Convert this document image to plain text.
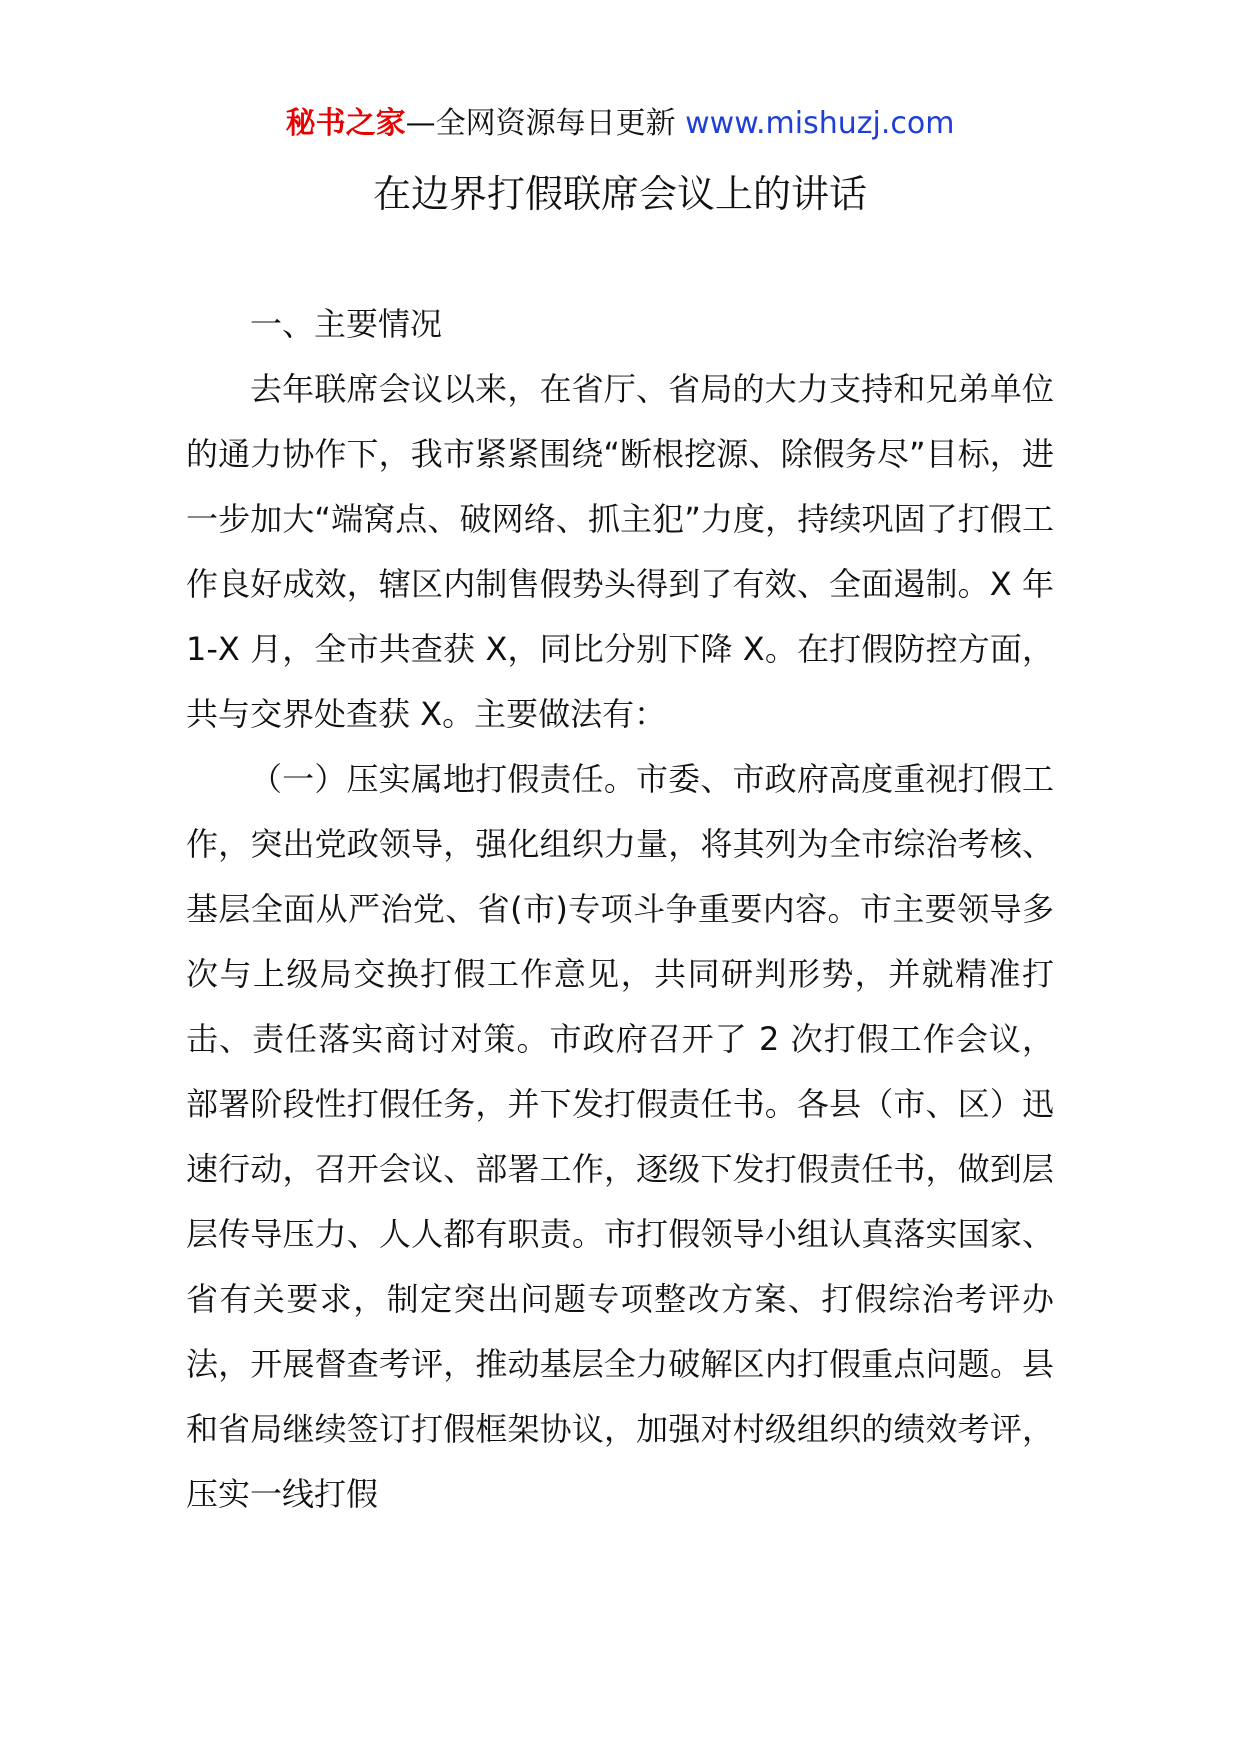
秘书之家—全网资源每日更新 www.mishuzj.com
在边界打假联席会议上的讲话

一、主要情况

去年联席会议以来，在省厅、省局的大力支持和兄弟单位的通力协作下，我市紧紧围绕“断根挖源、除假务尽”目标，进一步加大“端窝点、破网络、抓主犯”力度，持续巩固了打假工作良好成效，辖区内制售假势头得到了有效、全面遏制。X 年 1-X 月，全市共查获 X，同比分别下降 X。在打假防控方面，共与交界处查获 X。主要做法有：

（一）压实属地打假责任。市委、市政府高度重视打假工作，突出党政领导，强化组织力量，将其列为全市综治考核、基层全面从严治党、省(市)专项斗争重要内容。市主要领导多次与上级局交换打假工作意见，共同研判形势，并就精准打击、责任落实商讨对策。市政府召开了 2 次打假工作会议，部署阶段性打假任务，并下发打假责任书。各县（市、区）迅速行动，召开会议、部署工作，逐级下发打假责任书，做到层层传导压力、人人都有职责。市打假领导小组认真落实国家、省有关要求，制定突出问题专项整改方案、打假综治考评办法，开展督查考评，推动基层全力破解区内打假重点问题。县和省局继续签订打假框架协议，加强对村级组织的绩效考评，压实一线打假
